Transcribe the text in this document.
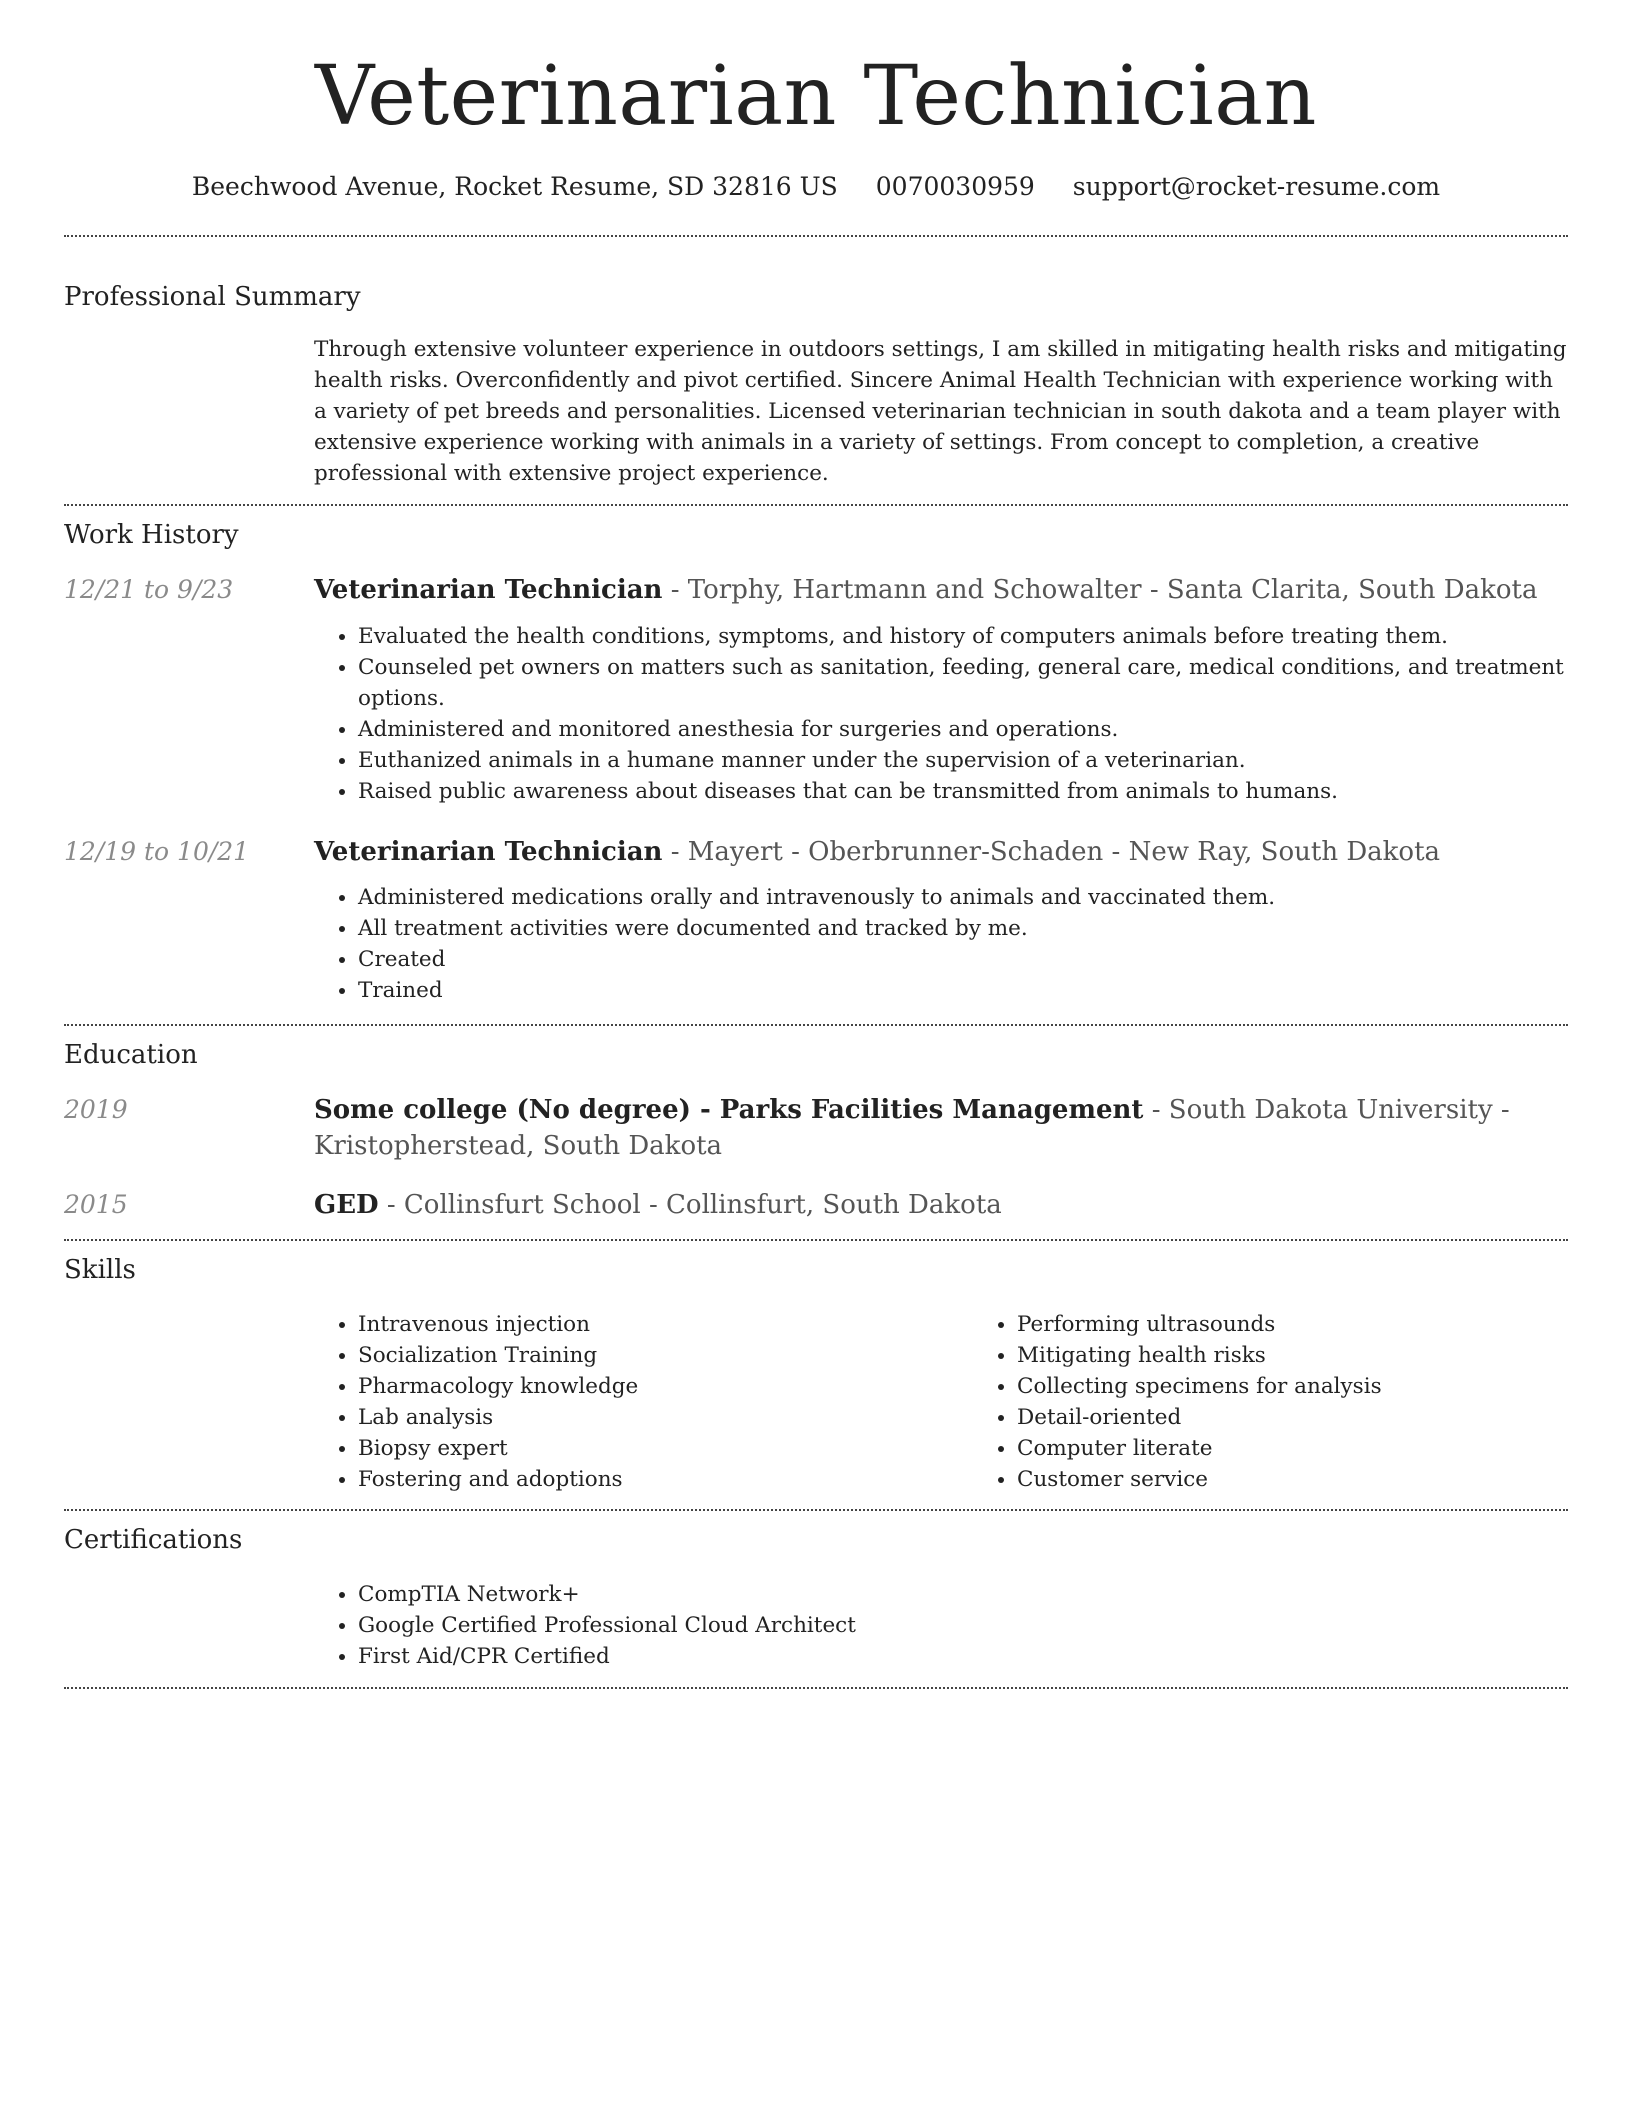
Veterinarian Technician
Beechwood Avenue, Rocket Resume, SD 32816 US 0070030959 support@rocket-resume.com
Professional Summary
Through extensive volunteer experience in outdoors settings, I am skilled in mitigating health risks and mitigating health risks. Overconfidently and pivot certified. Sincere Animal Health Technician with experience working with a variety of pet breeds and personalities. Licensed veterinarian technician in south dakota and a team player with extensive experience working with animals in a variety of settings. From concept to completion, a creative professional with extensive project experience.
Work History
12/21 to 9/23	Veterinarian Technician - Torphy, Hartmann and Schowalter - Santa Clarita, South Dakota
• Evaluated the health conditions, symptoms, and history of computers animals before treating them.
• Counseled pet owners on matters such as sanitation, feeding, general care, medical conditions, and treatment options.
• Administered and monitored anesthesia for surgeries and operations.
• Euthanized animals in a humane manner under the supervision of a veterinarian.
• Raised public awareness about diseases that can be transmitted from animals to humans.
12/19 to 10/21	Veterinarian Technician - Mayert - Oberbrunner-Schaden - New Ray, South Dakota
• Administered medications orally and intravenously to animals and vaccinated them.
• All treatment activities were documented and tracked by me.
• Created
• Trained
Education
2019	Some college (No degree) - Parks Facilities Management - South Dakota University - Kristopherstead, South Dakota
2015	GED - Collinsfurt School - Collinsfurt, South Dakota
Skills
• Intravenous injection
• Socialization Training
• Pharmacology knowledge
• Lab analysis
• Biopsy expert
• Fostering and adoptions
• Performing ultrasounds
• Mitigating health risks
• Collecting specimens for analysis
• Detail-oriented
• Computer literate
• Customer service
Certifications
• CompTIA Network+
• Google Certified Professional Cloud Architect
• First Aid/CPR Certified
